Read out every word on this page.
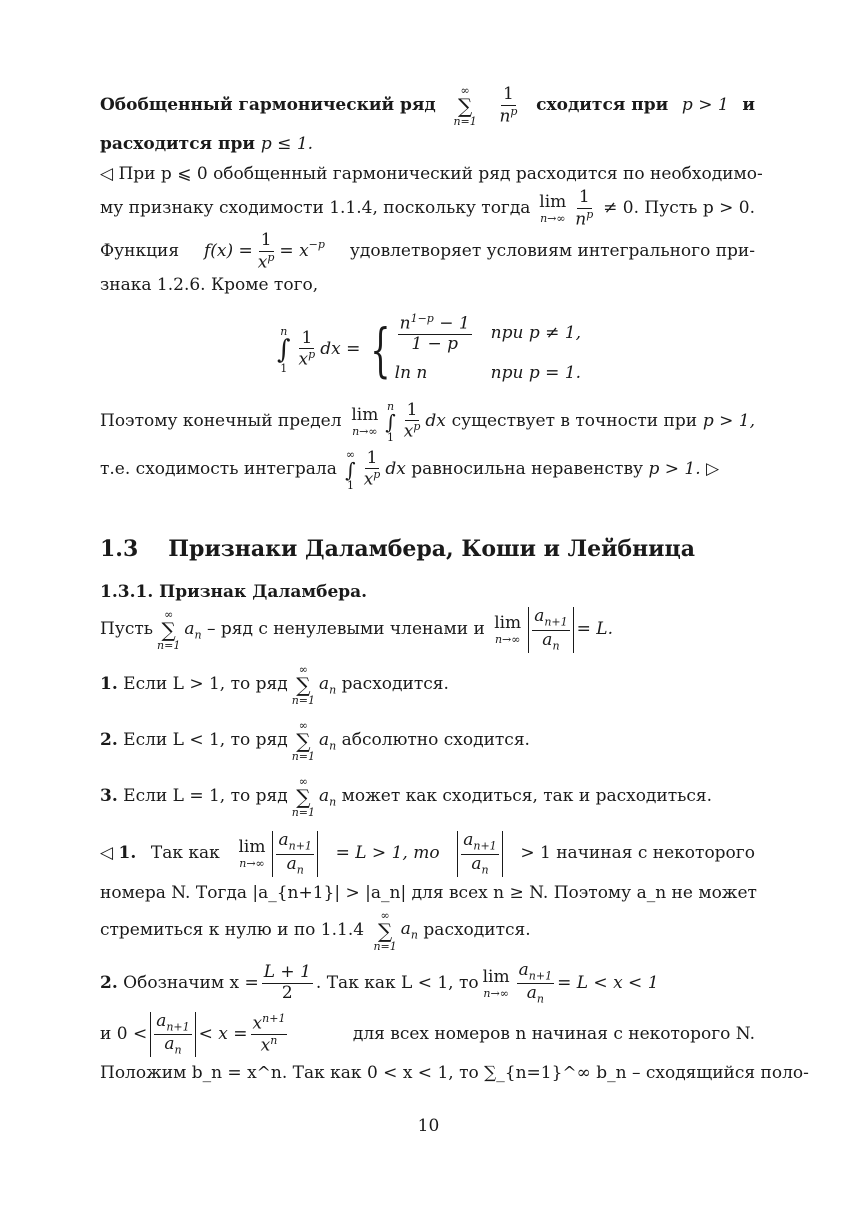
Обобщенный гармонический ряд
∞
∑
$n=1 \frac{1}{n^p}$ сходится при p > 1 и
расходится при
p ≤ 1.
◁ При p ⩽ 0 обобщенный гармонический ряд расходится по необходимо-
му признаку сходимости 1.1.4, поскольку тогда lim
$n\to\infty \frac{1}{n^p} \ne 0$. Пусть p > 0.
Функция $f(x) = \frac{1}{x^p} = x^{-p}$ удовлетворяет условиям интегрального при-
знака 1.2.6. Кроме того,
n
∫
$1 \frac{1}{x^p}$ dx = { $\frac{n^{1-p} - 1}{1 - p}$ при p ≠ 1,
ln n	при p = 1.
Поэтому конечный предел lim
n→∞
n
∫
$1 \frac{1}{x^p}$ dx существует в точности при p > 1,
т.е. сходимость интеграла

∞
∫
$1 \frac{1}{x^p}$ dx
равносильна неравенству
p > 1. ▷
1.3 Признаки Даламбера, Коши и Лейбница
1.3.1. Признак Даламбера.
Пусть
∞
∑
n=1
$a_n$
– ряд с ненулевыми членами и
lim
$n\to\infty \frac{a_{n+1}}{a_n} = L$.
1.
Если L > 1, то ряд
∞
∑
n=1
$a_n$
расходится.
2.
Если L < 1, то ряд
∞
∑
n=1
$a_n$
абсолютно сходится.
3.
Если L = 1, то ряд
∞
∑
n=1
$a_n$
может как сходиться, так и расходиться.
◁ 1. Так как lim
$n\to\infty \frac{a_{n+1}}{a_n} = L > 1$, то $\frac{a_{n+1}}{a_n} > 1$ начиная с некоторого
номера N. Тогда |a_{n+1}| > |a_n| для всех n ≥ N. Поэтому a_n не может
стремиться к нулю и по 1.1.4

∞
∑
n=1
$a_n$
расходится.
2.
Обозначим $x = \frac{L + 1}{2}$ . Так как L < 1, то lim
$n\to\infty \frac{a_{n+1}}{a_n} = L < x < 1$
и $0 < \frac{a_{n+1}}{a_n} < x = \frac{x^{n+1}}{x^n}$	для всех номеров n начиная с некоторого N.
Положим b_n = x^n. Так как 0 < x < 1, то ∑_{n=1}^∞ b_n – сходящийся поло-
10
